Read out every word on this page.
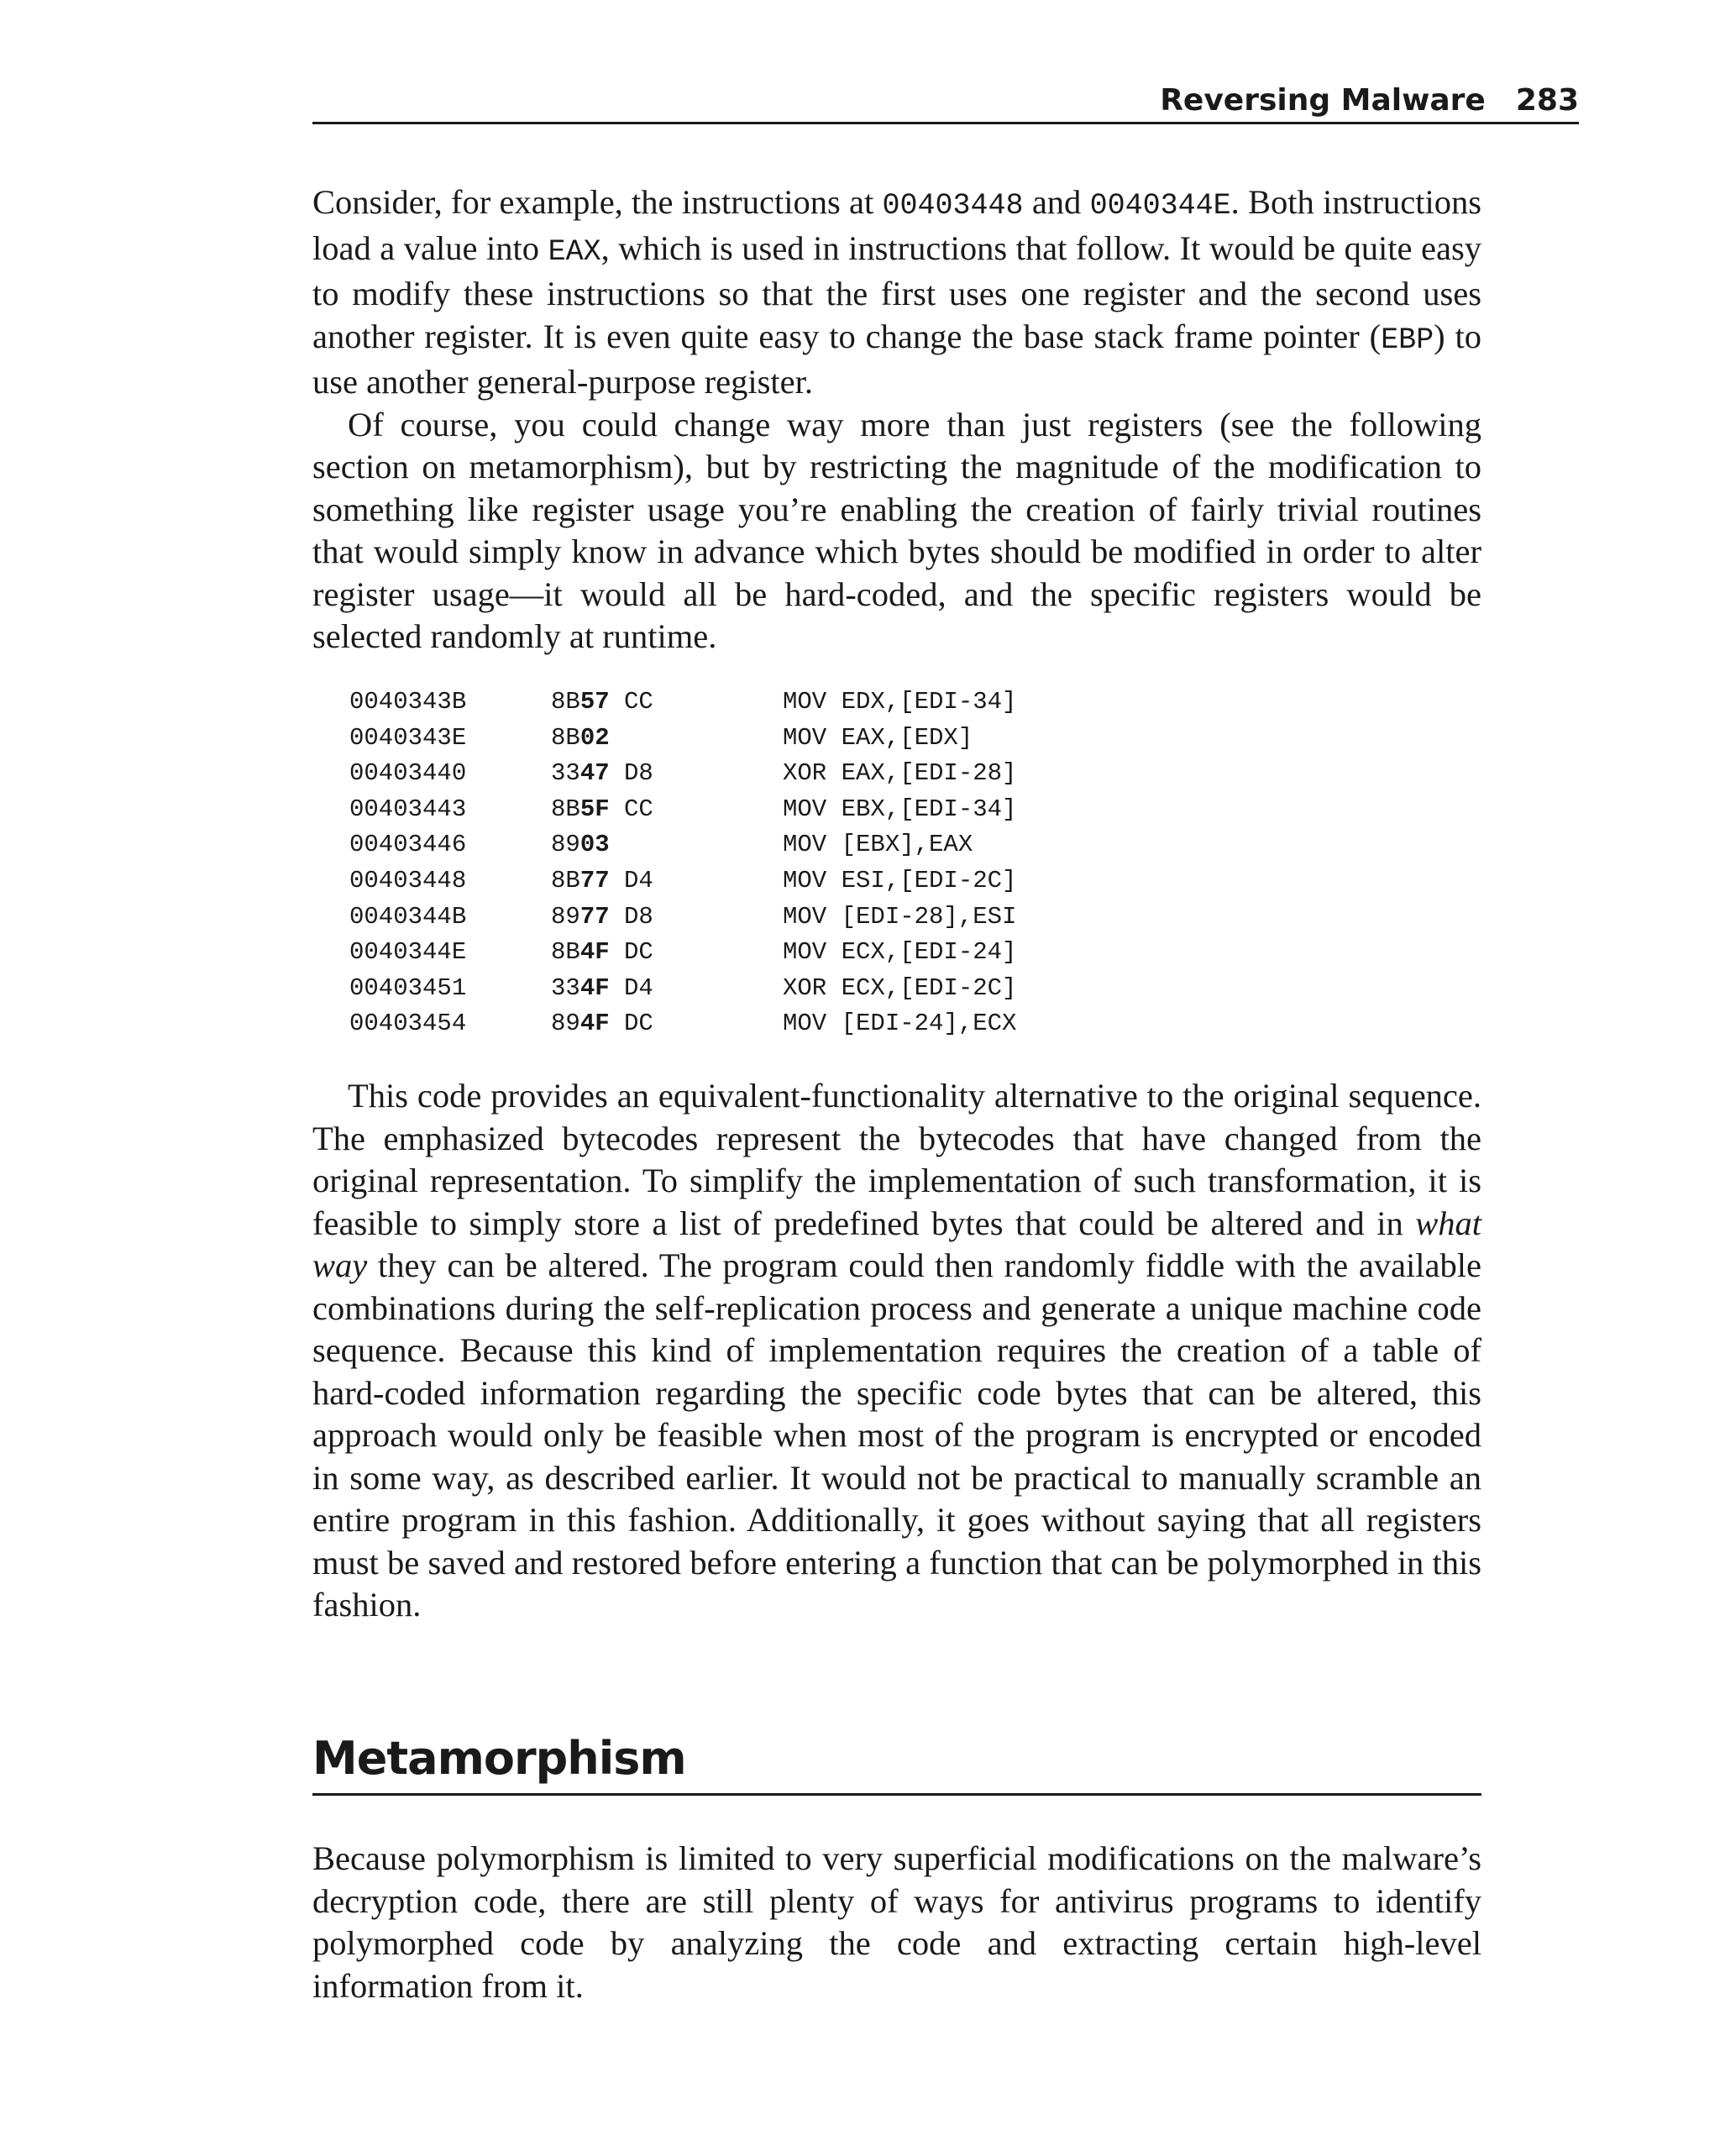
Reversing Malware 283

Consider, for example, the instructions at 00403448 and 0040344E. Both instructions load a value into EAX, which is used in instructions that follow. It would be quite easy to modify these instructions so that the first uses one register and the second uses another register. It is even quite easy to change the base stack frame pointer (EBP) to use another general-purpose register.

Of course, you could change way more than just registers (see the following section on metamorphism), but by restricting the magnitude of the modification to something like register usage you’re enabling the creation of fairly trivial routines that would simply know in advance which bytes should be modified in order to alter register usage—it would all be hard-coded, and the specific registers would be selected randomly at runtime.

0040343B	8B57 CC	MOV EDX,[EDI-34]
0040343E	8B02	MOV EAX,[EDX]
00403440	3347 D8	XOR EAX,[EDI-28]
00403443	8B5F CC	MOV EBX,[EDI-34]
00403446	8903	MOV [EBX],EAX
00403448	8B77 D4	MOV ESI,[EDI-2C]
0040344B	8977 D8	MOV [EDI-28],ESI
0040344E	8B4F DC	MOV ECX,[EDI-24]
00403451	334F D4	XOR ECX,[EDI-2C]
00403454	894F DC	MOV [EDI-24],ECX

This code provides an equivalent-functionality alternative to the original sequence. The emphasized bytecodes represent the bytecodes that have changed from the original representation. To simplify the implementation of such transformation, it is feasible to simply store a list of predefined bytes that could be altered and in what way they can be altered. The program could then randomly fiddle with the available combinations during the self-replication process and generate a unique machine code sequence. Because this kind of implementation requires the creation of a table of hard-coded information regarding the specific code bytes that can be altered, this approach would only be feasible when most of the program is encrypted or encoded in some way, as described earlier. It would not be practical to manually scramble an entire program in this fashion. Additionally, it goes without saying that all registers must be saved and restored before entering a function that can be polymorphed in this fashion.

Metamorphism

Because polymorphism is limited to very superficial modifications on the malware’s decryption code, there are still plenty of ways for antivirus programs to identify polymorphed code by analyzing the code and extracting certain high-level information from it.
